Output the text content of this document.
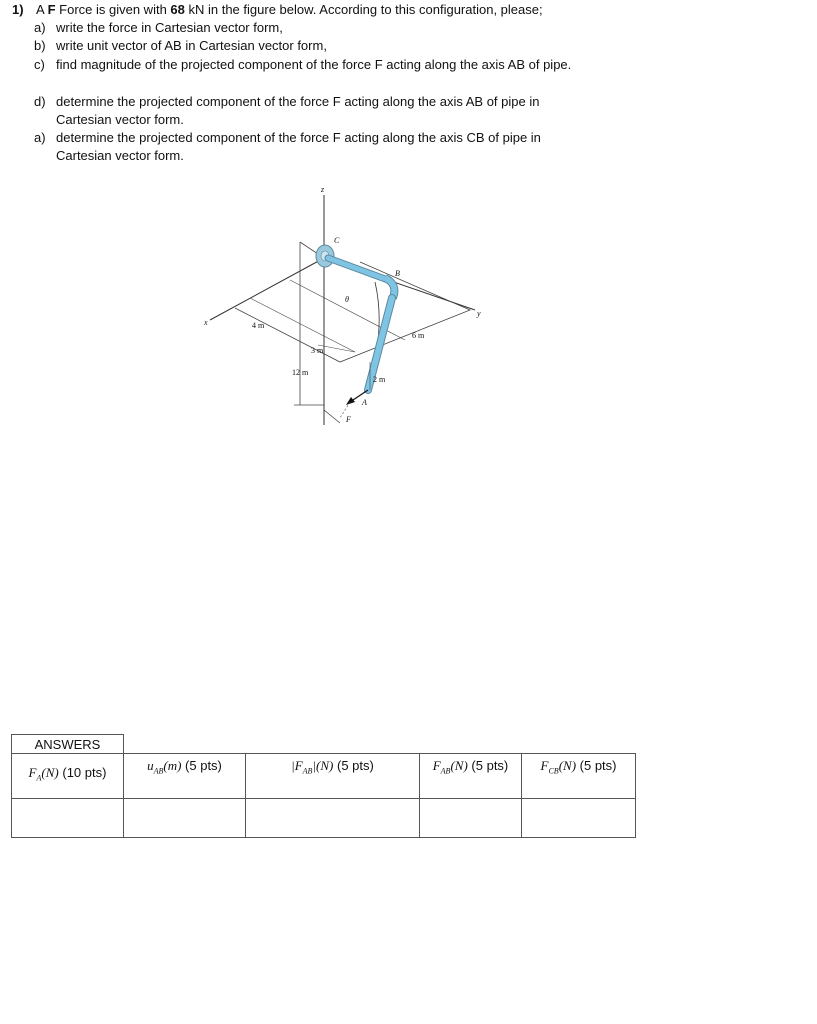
1) A F Force is given with 68 kN in the figure below. According to this configuration, please;
a) write the force in Cartesian vector form,
b) write unit vector of AB in Cartesian vector form,
c) find magnitude of the projected component of the force F acting along the axis AB of pipe.
d) determine the projected component of the force F acting along the axis AB of pipe in Cartesian vector form.
a) determine the projected component of the force F acting along the axis CB of pipe in Cartesian vector form.
z
x
y
θ
C
B
A
F
4 m
3 m
6 m
12 m
2 m
ANSWERS
$F_A(N)$ (10 pts)	$u_{AB}(m)$ (5 pts)	$|F_{AB}|(N)$ (5 pts)	$F_{AB}(N)$ (5 pts)	$F_{CB}(N)$ (5 pts)
